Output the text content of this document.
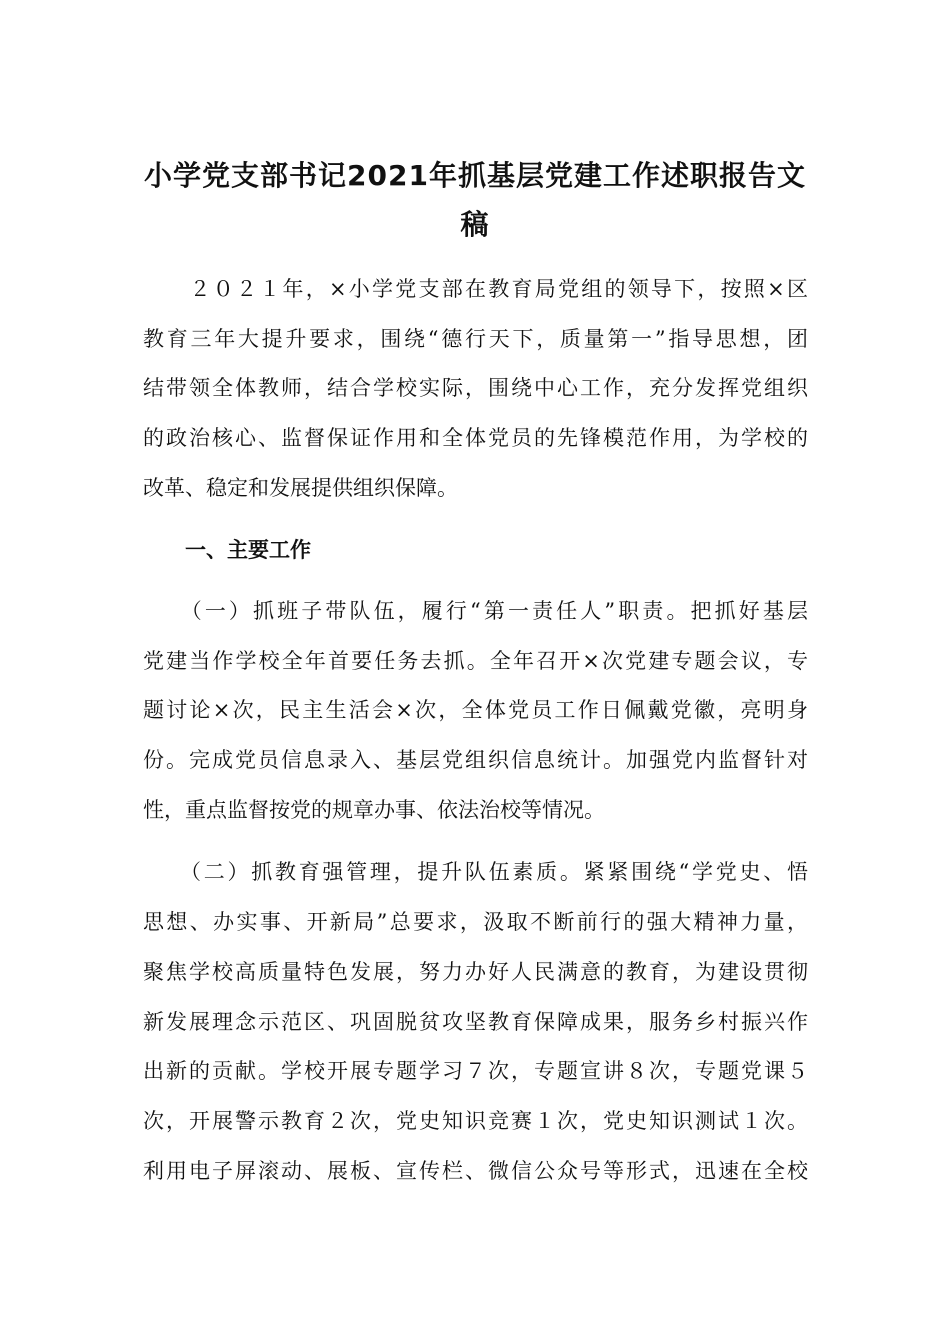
小学党支部书记2021年抓基层党建工作述职报告文
稿
　　２０２１年，×小学党支部在教育局党组的领导下，按照×区
教育三年大提升要求，围绕“德行天下，质量第一”指导思想，团
结带领全体教师，结合学校实际，围绕中心工作，充分发挥党组织
的政治核心、监督保证作用和全体党员的先锋模范作用，为学校的
改革、稳定和发展提供组织保障。
一、主要工作
　　（一）抓班子带队伍，履行“第一责任人”职责。把抓好基层
党建当作学校全年首要任务去抓。全年召开×次党建专题会议，专
题讨论×次，民主生活会×次，全体党员工作日佩戴党徽，亮明身
份。完成党员信息录入、基层党组织信息统计。加强党内监督针对
性，重点监督按党的规章办事、依法治校等情况。
　　（二）抓教育强管理，提升队伍素质。紧紧围绕“学党史、悟
思想、办实事、开新局”总要求，汲取不断前行的强大精神力量，
聚焦学校高质量特色发展，努力办好人民满意的教育，为建设贯彻
新发展理念示范区、巩固脱贫攻坚教育保障成果，服务乡村振兴作
出新的贡献。学校开展专题学习７次，专题宣讲８次，专题党课５
次，开展警示教育２次，党史知识竞赛１次，党史知识测试１次。
利用电子屏滚动、展板、宣传栏、微信公众号等形式，迅速在全校
